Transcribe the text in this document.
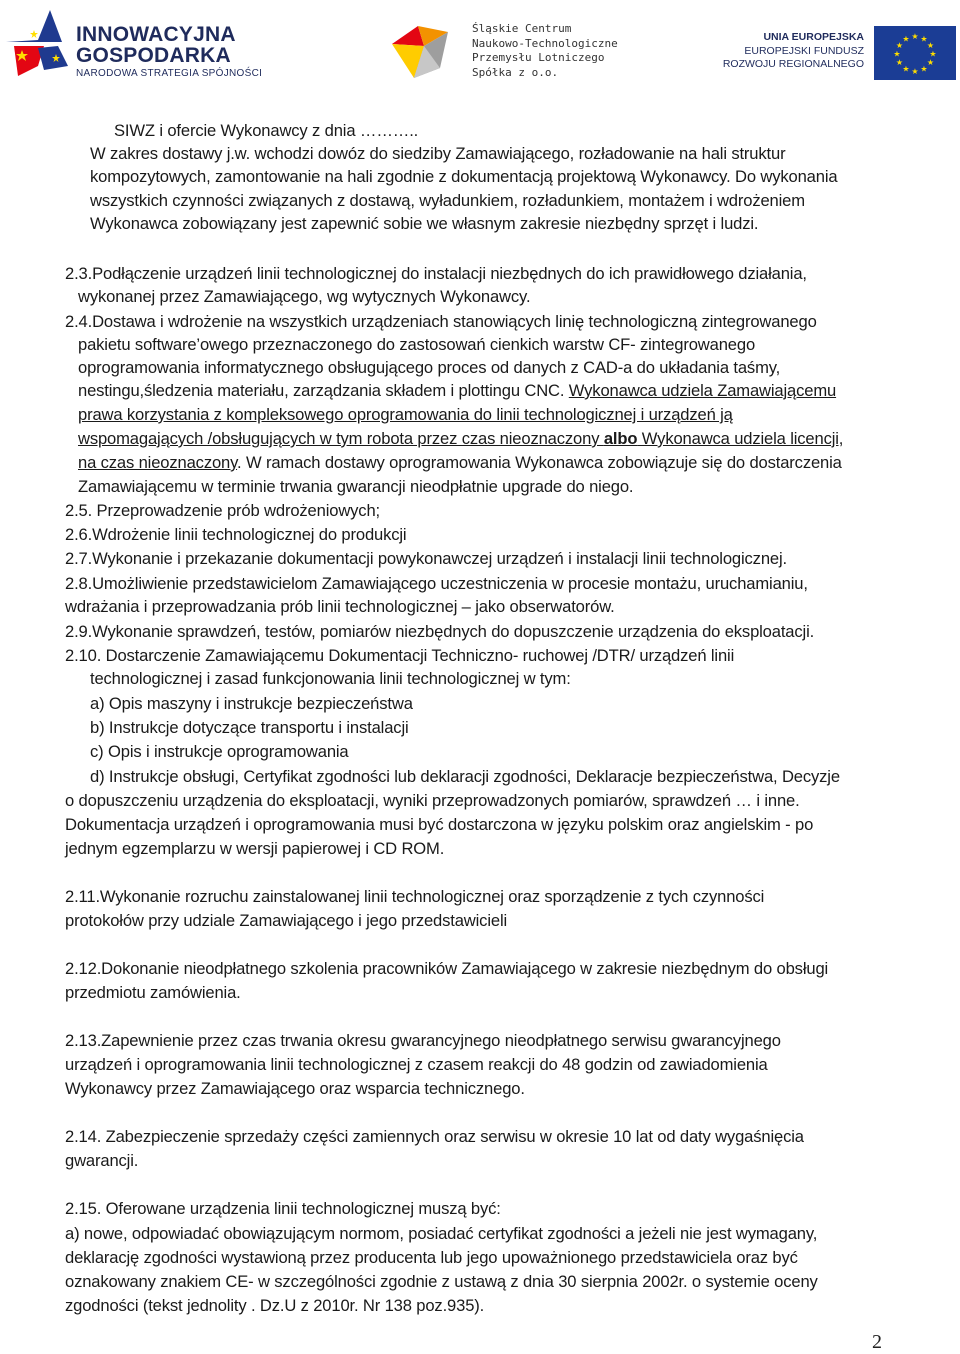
INNOWACYJNA
GOSPODARKA
NARODOWA STRATEGIA SPÓJNOŚCI
Śląskie Centrum
Naukowo-Technologiczne
Przemysłu Lotniczego
Spółka z o.o.
UNIA EUROPEJSKA
EUROPEJSKI FUNDUSZ
ROZWOJU REGIONALNEGO
★ ★
★
★
★
★
★
★
★
★
★
★
SIWZ i ofercie Wykonawcy z dnia ………..
W zakres dostawy j.w. wchodzi dowóz do siedziby Zamawiającego, rozładowanie na hali struktur
kompozytowych, zamontowanie na hali zgodnie z dokumentacją projektową Wykonawcy. Do wykonania
wszystkich czynności związanych z dostawą, wyładunkiem, rozładunkiem, montażem i wdrożeniem
Wykonawca zobowiązany jest zapewnić sobie we własnym zakresie niezbędny sprzęt i ludzi.
2.3.Podłączenie urządzeń linii technologicznej do instalacji niezbędnych do ich prawidłowego działania,
wykonanej przez Zamawiającego, wg wytycznych Wykonawcy.
2.4.Dostawa i wdrożenie na wszystkich urządzeniach stanowiących linię technologiczną zintegrowanego
pakietu software’owego przeznaczonego do zastosowań cienkich warstw CF- zintegrowanego
oprogramowania informatycznego obsługującego proces od danych z CAD-a do układania taśmy,
nestingu,śledzenia materiału, zarządzania składem i plottingu CNC. Wykonawca udziela Zamawiającemu
prawa korzystania z kompleksowego oprogramowania do linii technologicznej i urządzeń ją
wspomagających /obsługujących w tym robota przez czas nieoznaczony albo Wykonawca udziela licencji,
na czas nieoznaczony. W ramach dostawy oprogramowania Wykonawca zobowiązuje się do dostarczenia
Zamawiającemu w terminie trwania gwarancji nieodpłatnie upgrade do niego.
2.5. Przeprowadzenie prób wdrożeniowych;
2.6.Wdrożenie linii technologicznej do produkcji
2.7.Wykonanie i przekazanie dokumentacji powykonawczej urządzeń i instalacji linii technologicznej.
2.8.Umożliwienie przedstawicielom Zamawiającego uczestniczenia w procesie montażu, uruchamianiu,
wdrażania i przeprowadzania prób linii technologicznej – jako obserwatorów.
2.9.Wykonanie sprawdzeń, testów, pomiarów niezbędnych do dopuszczenie urządzenia do eksploatacji.
2.10. Dostarczenie Zamawiającemu Dokumentacji Techniczno- ruchowej /DTR/ urządzeń linii
technologicznej i zasad funkcjonowania linii technologicznej w tym:
a) Opis maszyny i instrukcje bezpieczeństwa
b) Instrukcje dotyczące transportu i instalacji
c) Opis i instrukcje oprogramowania
d) Instrukcje obsługi, Certyfikat zgodności lub deklaracji zgodności, Deklaracje bezpieczeństwa, Decyzje
o dopuszczeniu urządzenia do eksploatacji, wyniki przeprowadzonych pomiarów, sprawdzeń … i inne.
Dokumentacja urządzeń i oprogramowania musi być dostarczona w języku polskim oraz angielskim - po
jednym egzemplarzu w wersji papierowej i CD ROM.
2.11.Wykonanie rozruchu zainstalowanej linii technologicznej oraz sporządzenie z tych czynności
protokołów przy udziale Zamawiającego i jego przedstawicieli
2.12.Dokonanie nieodpłatnego szkolenia pracowników Zamawiającego w zakresie niezbędnym do obsługi
przedmiotu zamówienia.
2.13.Zapewnienie przez czas trwania okresu gwarancyjnego nieodpłatnego serwisu gwarancyjnego
urządzeń i oprogramowania linii technologicznej z czasem reakcji do 48 godzin od zawiadomienia
Wykonawcy przez Zamawiającego oraz wsparcia technicznego.
2.14. Zabezpieczenie sprzedaży części zamiennych oraz serwisu w okresie 10 lat od daty wygaśnięcia
gwarancji.
2.15. Oferowane urządzenia linii technologicznej muszą być:
a) nowe, odpowiadać obowiązującym normom, posiadać certyfikat zgodności a jeżeli nie jest wymagany,
deklarację zgodności wystawioną przez producenta lub jego upoważnionego przedstawiciela oraz być
oznakowany znakiem CE- w szczególności zgodnie z ustawą z dnia 30 sierpnia 2002r. o systemie oceny
zgodności (tekst jednolity . Dz.U z 2010r. Nr 138 poz.935).
2
